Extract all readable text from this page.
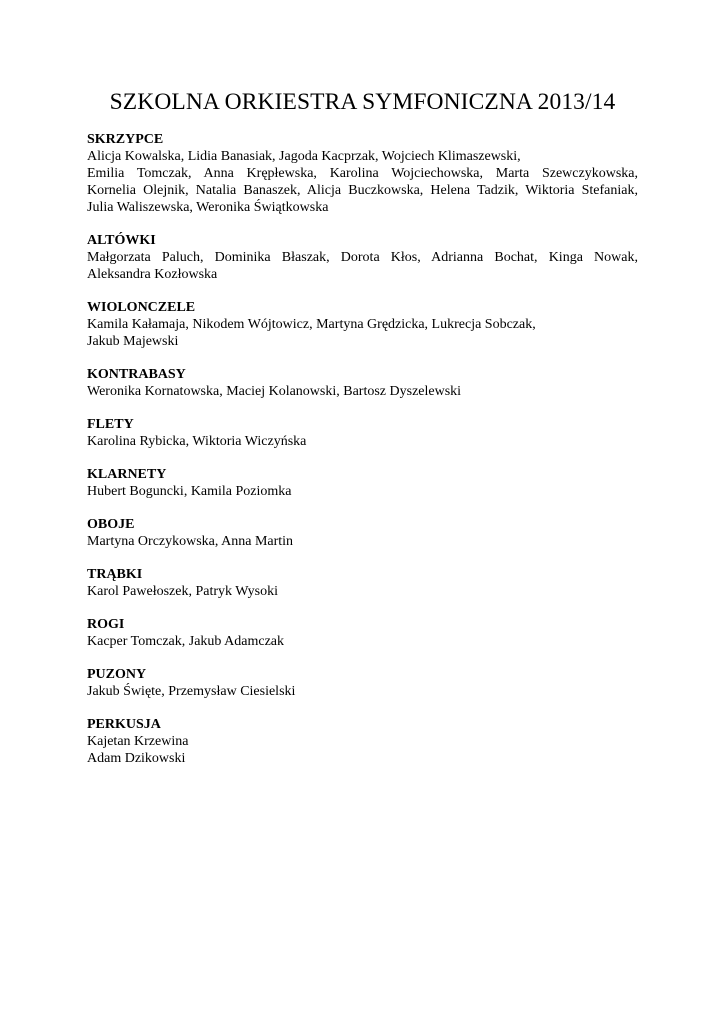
SZKOLNA ORKIESTRA SYMFONICZNA 2013/14
SKRZYPCE
Alicja Kowalska, Lidia Banasiak, Jagoda Kacprzak, Wojciech Klimaszewski,
Emilia Tomczak, Anna Krępłewska, Karolina Wojciechowska, Marta Szewczykowska,
Kornelia Olejnik, Natalia Banaszek, Alicja Buczkowska, Helena Tadzik, Wiktoria Stefaniak,
Julia Waliszewska, Weronika Świątkowska
ALTÓWKI
Małgorzata Paluch, Dominika Błaszak, Dorota Kłos, Adrianna Bochat, Kinga Nowak,
Aleksandra Kozłowska
WIOLONCZELE
Kamila Kałamaja, Nikodem Wójtowicz, Martyna Grędzicka, Lukrecja Sobczak,
Jakub Majewski
KONTRABASY
Weronika Kornatowska, Maciej Kolanowski, Bartosz Dyszelewski
FLETY
Karolina Rybicka, Wiktoria Wiczyńska
KLARNETY
Hubert Boguncki, Kamila Poziomka
OBOJE
Martyna Orczykowska, Anna Martin
TRĄBKI
Karol Pawełoszek, Patryk Wysoki
ROGI
Kacper Tomczak, Jakub Adamczak
PUZONY
Jakub Święte, Przemysław Ciesielski
PERKUSJA
Kajetan Krzewina
Adam Dzikowski
